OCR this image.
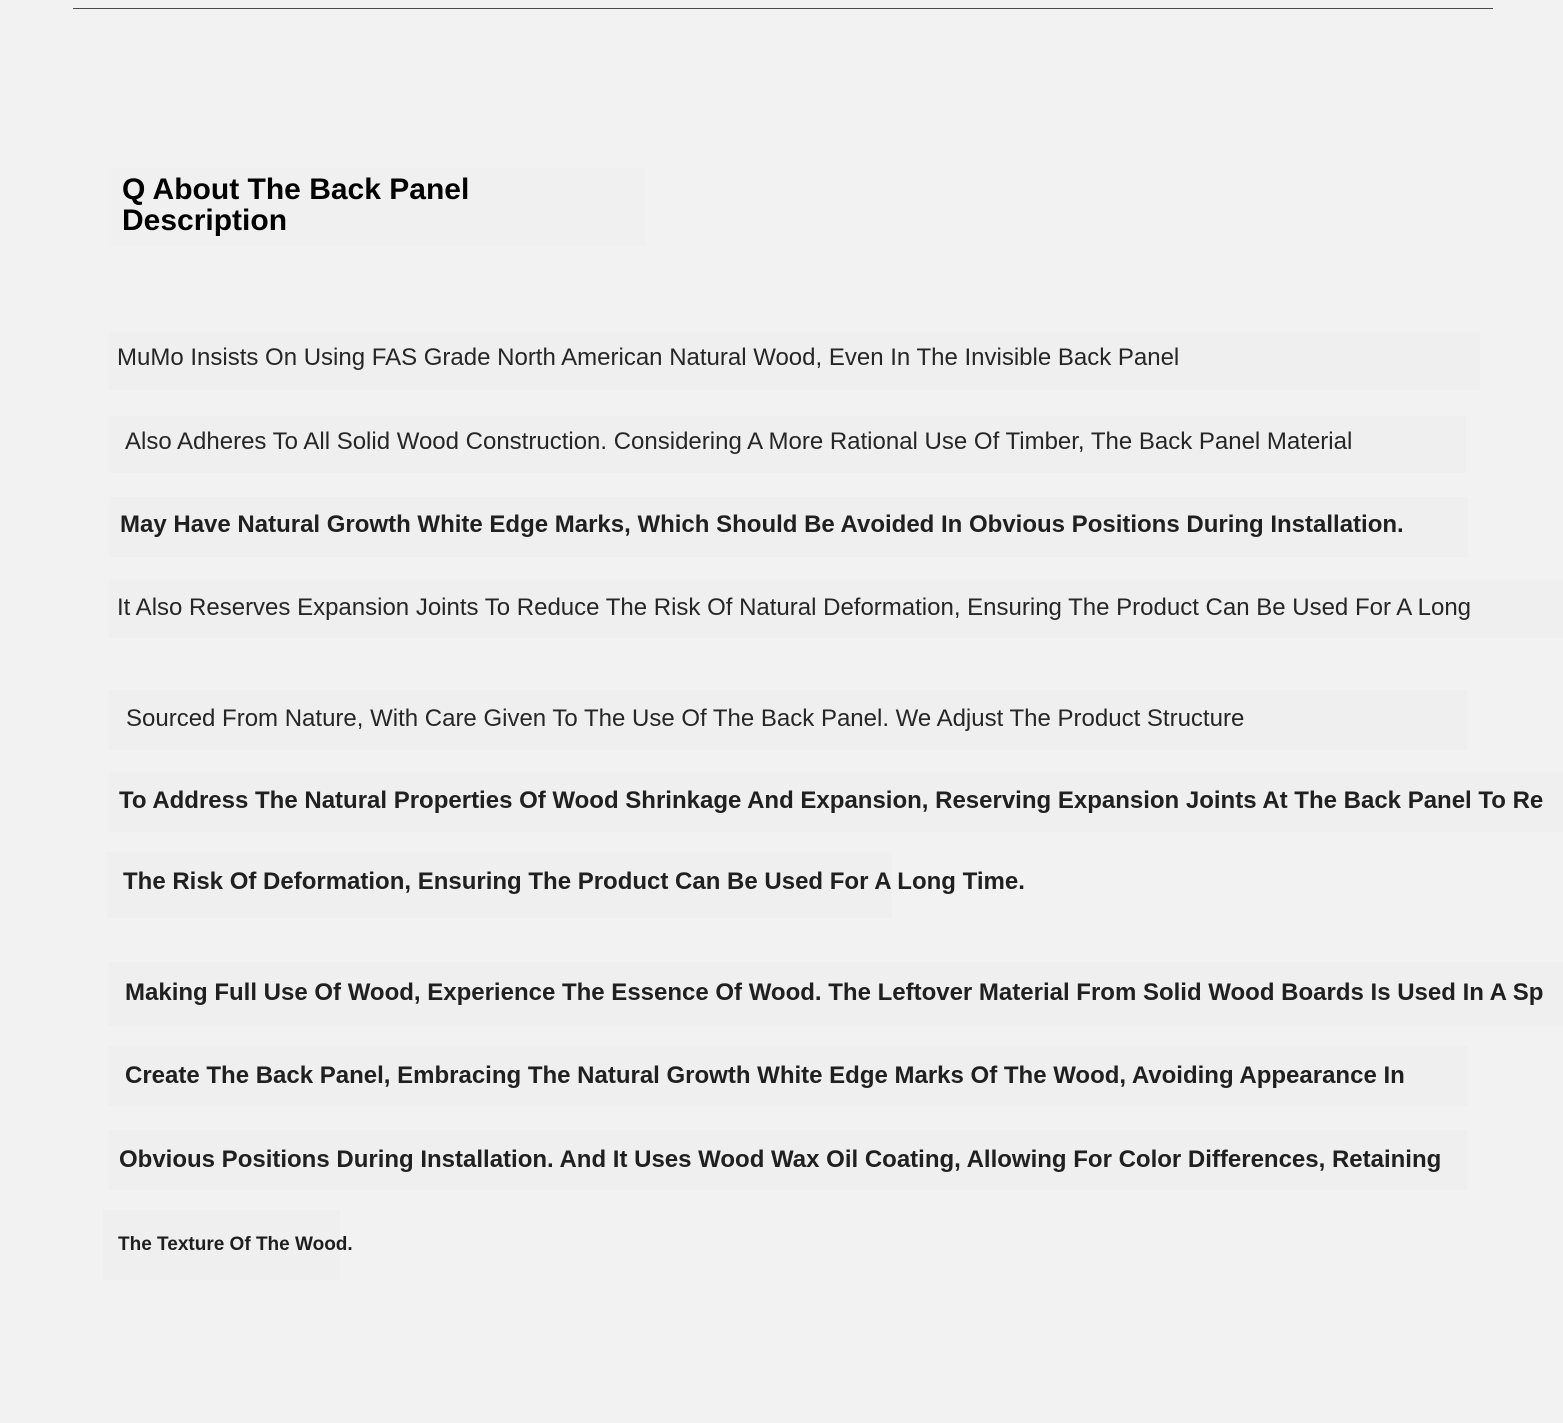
Q About The Back Panel Description

MuMo Insists On Using FAS Grade North American Natural Wood, Even In The Invisible Back Panel

Also Adheres To All Solid Wood Construction. Considering A More Rational Use Of Timber, The Back Panel Material

May Have Natural Growth White Edge Marks, Which Should Be Avoided In Obvious Positions During Installation.

It Also Reserves Expansion Joints To Reduce The Risk Of Natural Deformation, Ensuring The Product Can Be Used For A Long

Sourced From Nature, With Care Given To The Use Of The Back Panel. We Adjust The Product Structure

To Address The Natural Properties Of Wood Shrinkage And Expansion, Reserving Expansion Joints At The Back Panel To Re

The Risk Of Deformation, Ensuring The Product Can Be Used For A Long Time.

Making Full Use Of Wood, Experience The Essence Of Wood. The Leftover Material From Solid Wood Boards Is Used In A Sp

Create The Back Panel, Embracing The Natural Growth White Edge Marks Of The Wood, Avoiding Appearance In

Obvious Positions During Installation. And It Uses Wood Wax Oil Coating, Allowing For Color Differences, Retaining

The Texture Of The Wood.
